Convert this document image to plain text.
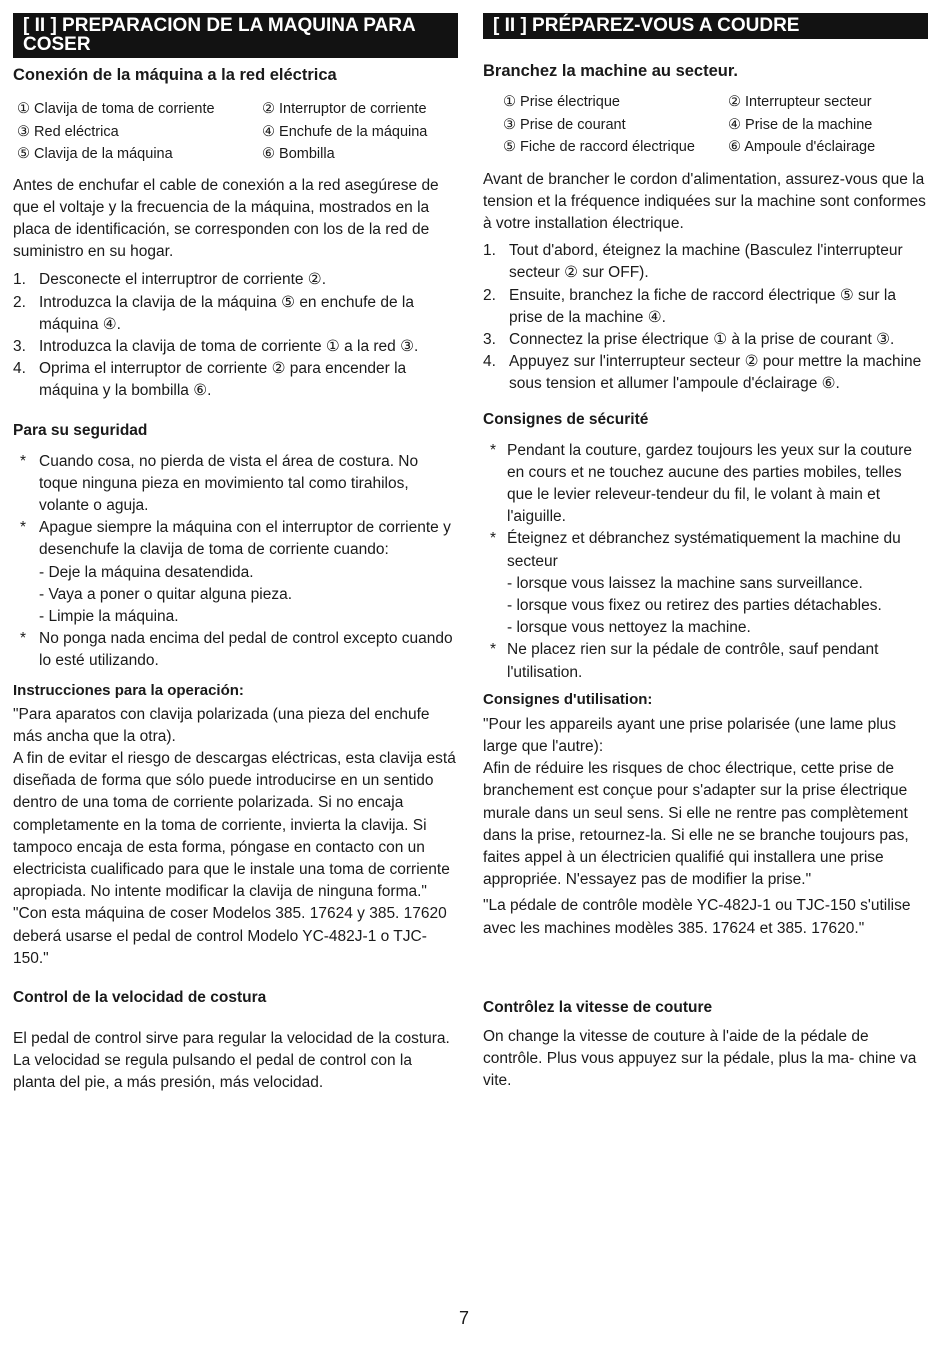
[ II ] PREPARACION DE LA MAQUINA PARA COSER
Conexión de la máquina a la red eléctrica
① Clavija de toma de corriente	② Interruptor de corriente
③ Red eléctrica	④ Enchufe de la máquina
⑤ Clavija de la máquina	⑥ Bombilla

Antes de enchufar el cable de conexión a la red asegúrese de que el voltaje y la frecuencia de la máquina, mostrados en la placa de identificación, se corresponden con los de la red de suministro en su hogar.

1. Desconecte el interruptror de corriente ②.
2. Introduzca la clavija de la máquina ⑤ en enchufe de la máquina ④.
3. Introduzca la clavija de toma de corriente ① a la red ③.
4. Oprima el interruptor de corriente ② para encender la máquina y la bombilla ⑥.
Para su seguridad
* Cuando cosa, no pierda de vista el área de costura. No toque ninguna pieza en movimiento tal como tirahilos, volante o aguja.
* Apague siempre la máquina con el interruptor de corriente y desenchufe la clavija de toma de corriente cuando:
- Deje la máquina desatendida.
- Vaya a poner o quitar alguna pieza.
- Limpie la máquina.
* No ponga nada encima del pedal de control excepto cuando lo esté utilizando.
Instrucciones para la operación:

"Para aparatos con clavija polarizada (una pieza del enchufe más ancha que la otra).

A fin de evitar el riesgo de descargas eléctricas, esta clavija está diseñada de forma que sólo puede introducirse en un sentido dentro de una toma de corriente polarizada. Si no encaja completamente en la toma de corriente, invierta la clavija. Si tampoco encaja de esta forma, póngase en contacto con un electricista cualificado para que le instale una toma de corriente apropiada. No intente modificar la clavija de ninguna forma."

"Con esta máquina de coser Modelos 385. 17624 y 385. 17620 deberá usarse el pedal de control Modelo YC-482J-1 o TJC-150."

Control de la velocidad de costura

El pedal de control sirve para regular la velocidad de la costura. La velocidad se regula pulsando el pedal de control con la planta del pie, a más presión, más velocidad.

[ II ] PRÉPAREZ-VOUS A COUDRE
Branchez la machine au secteur.
① Prise électrique	② Interrupteur secteur
③ Prise de courant	④ Prise de la machine
⑤ Fiche de raccord électrique	⑥ Ampoule d'éclairage

Avant de brancher le cordon d'alimentation, assurez-vous que la tension et la fréquence indiquées sur la machine sont conformes à votre installation électrique.

1. Tout d'abord, éteignez la machine (Basculez l'interrupteur secteur ② sur OFF).
2. Ensuite, branchez la fiche de raccord électrique ⑤ sur la prise de la machine ④.
3. Connectez la prise électrique ① à la prise de courant ③.
4. Appuyez sur l'interrupteur secteur ② pour mettre la machine sous tension et allumer l'ampoule d'éclairage ⑥.
Consignes de sécurité
* Pendant la couture, gardez toujours les yeux sur la couture en cours et ne touchez aucune des parties mobiles, telles que le levier releveur-tendeur du fil, le volant à main et l'aiguille.
* Éteignez et débranchez systématiquement la machine du secteur
- lorsque vous laissez la machine sans surveillance.
- lorsque vous fixez ou retirez des parties détachables.
- lorsque vous nettoyez la machine.
* Ne placez rien sur la pédale de contrôle, sauf pendant l'utilisation.
Consignes d'utilisation:

"Pour les appareils ayant une prise polarisée (une lame plus large que l'autre):

Afin de réduire les risques de choc électrique, cette prise de branchement est conçue pour s'adapter sur la prise électrique murale dans un seul sens. Si elle ne rentre pas complètement dans la prise, retournez-la. Si elle ne se branche toujours pas, faites appel à un électricien qualifié qui installera une prise appropriée. N'essayez pas de modifier la prise."

"La pédale de contrôle modèle YC-482J-1 ou TJC-150 s'utilise avec les machines modèles 385. 17624 et 385. 17620."

Contrôlez la vitesse de couture

On change la vitesse de couture à l'aide de la pédale de contrôle. Plus vous appuyez sur la pédale, plus la ma- chine va vite.

7
